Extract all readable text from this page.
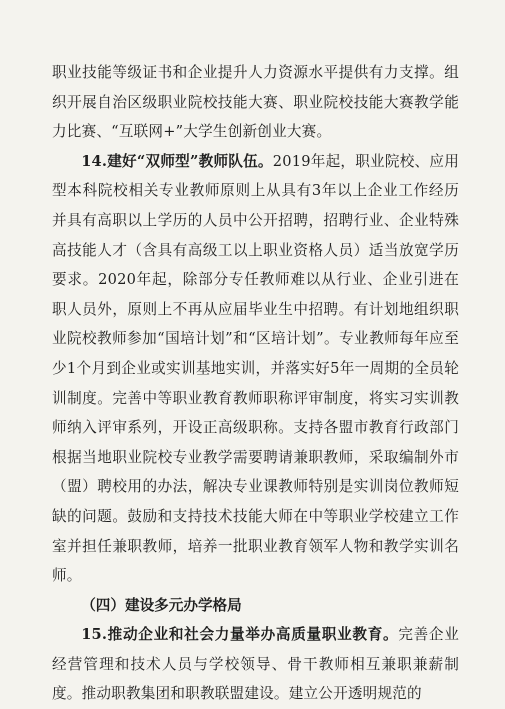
职业技能等级证书和企业提升人力资源水平提供有力支撑。组织开展自治区级职业院校技能大赛、职业院校技能大赛教学能力比赛、“互联网+”大学生创新创业大赛。

14.建好“双师型”教师队伍。2019年起，职业院校、应用型本科院校相关专业教师原则上从具有3年以上企业工作经历并具有高职以上学历的人员中公开招聘，招聘行业、企业特殊高技能人才（含具有高级工以上职业资格人员）适当放宽学历要求。2020年起，除部分专任教师难以从行业、企业引进在职人员外，原则上不再从应届毕业生中招聘。有计划地组织职业院校教师参加“国培计划”和“区培计划”。专业教师每年应至少1个月到企业或实训基地实训，并落实好5年一周期的全员轮训制度。完善中等职业教育教师职称评审制度，将实习实训教师纳入评审系列，开设正高级职称。支持各盟市教育行政部门根据当地职业院校专业教学需要聘请兼职教师，采取编制外市（盟）聘校用的办法，解决专业课教师特别是实训岗位教师短缺的问题。鼓励和支持技术技能大师在中等职业学校建立工作室并担任兼职教师，培养一批职业教育领军人物和教学实训名师。

（四）建设多元办学格局

15.推动企业和社会力量举办高质量职业教育。完善企业经营管理和技术人员与学校领导、骨干教师相互兼职兼薪制度。推动职教集团和职教联盟建设。建立公开透明规范的
